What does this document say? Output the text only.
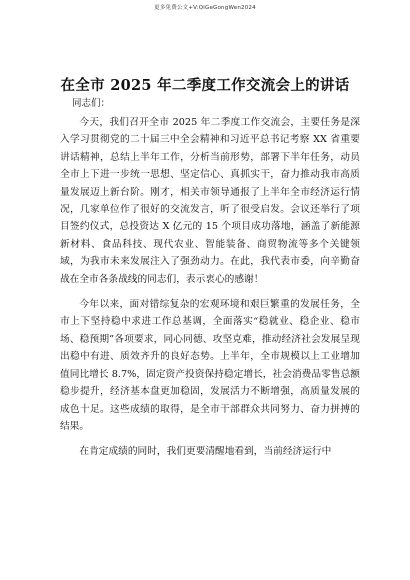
更多免费公文+V:QiGeGongWen2024
在全市 2025 年二季度工作交流会上的讲话
同志们：

今天，我们召开全市 2025 年二季度工作交流会，主要任务是深入学习贯彻党的二十届三中全会精神和习近平总书记考察 XX 省重要讲话精神，总结上半年工作，分析当前形势，部署下半年任务，动员全市上下进一步统一思想、坚定信心、真抓实干，奋力推动我市高质量发展迈上新台阶。刚才，相关市领导通报了上半年全市经济运行情况，几家单位作了很好的交流发言，听了很受启发。会议还举行了项目签约仪式，总投资达 X 亿元的 15 个项目成功落地，涵盖了新能源新材料、食品科技、现代农业、智能装备、商贸物流等多个关键领域，为我市未来发展注入了强劲动力。在此，我代表市委，向辛勤奋战在全市各条战线的同志们，表示衷心的感谢！

今年以来，面对错综复杂的宏观环境和艰巨繁重的发展任务，全市上下坚持稳中求进工作总基调，全面落实“稳就业、稳企业、稳市场、稳预期”各项要求，同心同德、攻坚克难，推动经济社会发展呈现出稳中有进、质效齐升的良好态势。上半年，全市规模以上工业增加值同比增长 8.7%，固定资产投资保持稳定增长，社会消费品零售总额稳步提升，经济基本盘更加稳固，发展活力不断增强，高质量发展的成色十足。这些成绩的取得，是全市干部群众共同努力、奋力拼搏的结果。

在肯定成绩的同时，我们更要清醒地看到，当前经济运行中
